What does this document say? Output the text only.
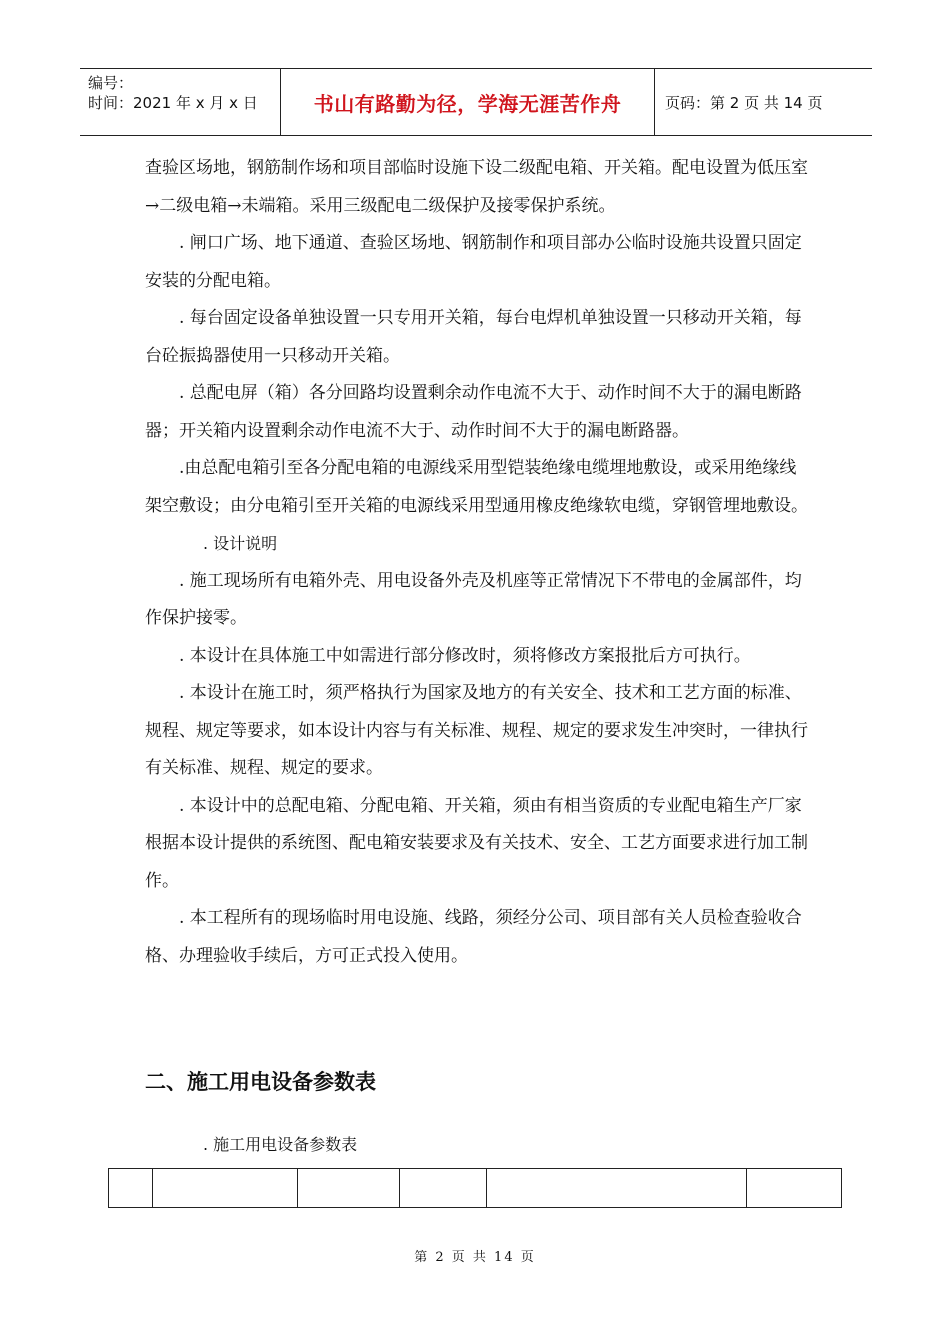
编号：
时间：2021 年 x 月 x 日	书山有路勤为径，学海无涯苦作舟	页码：第 2 页 共 14 页

查验区场地，钢筋制作场和项目部临时设施下设二级配电箱、开关箱。配电设置为低压室→二级电箱→未端箱。采用三级配电二级保护及接零保护系统。

. 闸口广场、地下通道、查验区场地、钢筋制作和项目部办公临时设施共设置只固定安装的分配电箱。

. 每台固定设备单独设置一只专用开关箱，每台电焊机单独设置一只移动开关箱，每台砼振捣器使用一只移动开关箱。

. 总配电屏（箱）各分回路均设置剩余动作电流不大于、动作时间不大于的漏电断路器；开关箱内设置剩余动作电流不大于、动作时间不大于的漏电断路器。

.由总配电箱引至各分配电箱的电源线采用型铠装绝缘电缆埋地敷设，或采用绝缘线架空敷设；由分电箱引至开关箱的电源线采用型通用橡皮绝缘软电缆，穿钢管埋地敷设。

. 设计说明

. 施工现场所有电箱外壳、用电设备外壳及机座等正常情况下不带电的金属部件，均作保护接零。

. 本设计在具体施工中如需进行部分修改时，须将修改方案报批后方可执行。

. 本设计在施工时，须严格执行为国家及地方的有关安全、技术和工艺方面的标准、规程、规定等要求，如本设计内容与有关标准、规程、规定的要求发生冲突时，一律执行有关标准、规程、规定的要求。

. 本设计中的总配电箱、分配电箱、开关箱，须由有相当资质的专业配电箱生产厂家根据本设计提供的系统图、配电箱安装要求及有关技术、安全、工艺方面要求进行加工制作。

. 本工程所有的现场临时用电设施、线路，须经分公司、项目部有关人员检查验收合格、办理验收手续后，方可正式投入使用。

二、施工用电设备参数表
. 施工用电设备参数表

第 2 页 共 14 页
